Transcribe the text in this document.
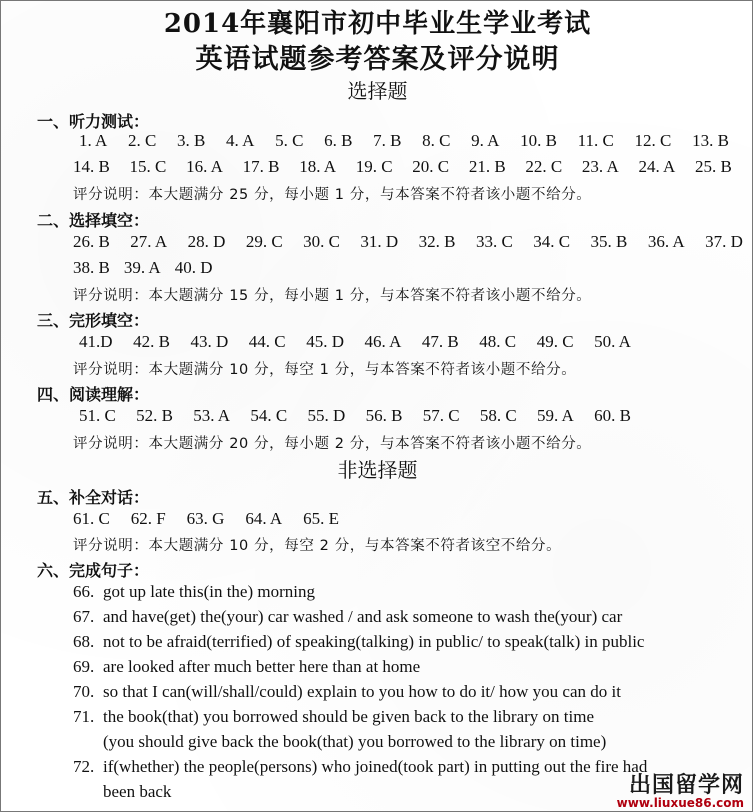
2014年襄阳市初中毕业生学业考试
英语试题参考答案及评分说明
选择题
一、听力测试：
1. A 2. C 3. B 4. A 5. C 6. B 7. B 8. C 9. A 10. B 11. C 12. C 13. B
14. B 15. C 16. A 17. B 18. A 19. C 20. C 21. B 22. C 23. A 24. A 25. B
评分说明：本大题满分 25 分，每小题 1 分，与本答案不符者该小题不给分。
二、选择填空：
26. B 27. A 28. D 29. C 30. C 31. D 32. B 33. C 34. C 35. B 36. A 37. D
38. B 39. A 40. D
评分说明：本大题满分 15 分，每小题 1 分，与本答案不符者该小题不给分。
三、完形填空：
41.D 42. B 43. D 44. C 45. D 46. A 47. B 48. C 49. C 50. A
评分说明：本大题满分 10 分，每空 1 分，与本答案不符者该小题不给分。
四、阅读理解：
51. C 52. B 53. A 54. C 55. D 56. B 57. C 58. C 59. A 60. B
评分说明：本大题满分 20 分，每小题 2 分，与本答案不符者该小题不给分。
非选择题
五、补全对话：
61. C 62. F 63. G 64. A 65. E
评分说明：本大题满分 10 分，每空 2 分，与本答案不符者该空不给分。
六、完成句子：
66. got up late this(in the) morning
67. and have(get) the(your) car washed / and ask someone to wash the(your) car
68. not to be afraid(terrified) of speaking(talking) in public/ to speak(talk) in public
69. are looked after much better here than at home
70. so that I can(will/shall/could) explain to you how to do it/ how you can do it
71. the book(that) you borrowed should be given back to the library on time
(you should give back the book(that) you borrowed to the library on time)
72. if(whether) the people(persons) who joined(took part) in putting out the fire had
been back	出国留学网
www.liuxue86.com
